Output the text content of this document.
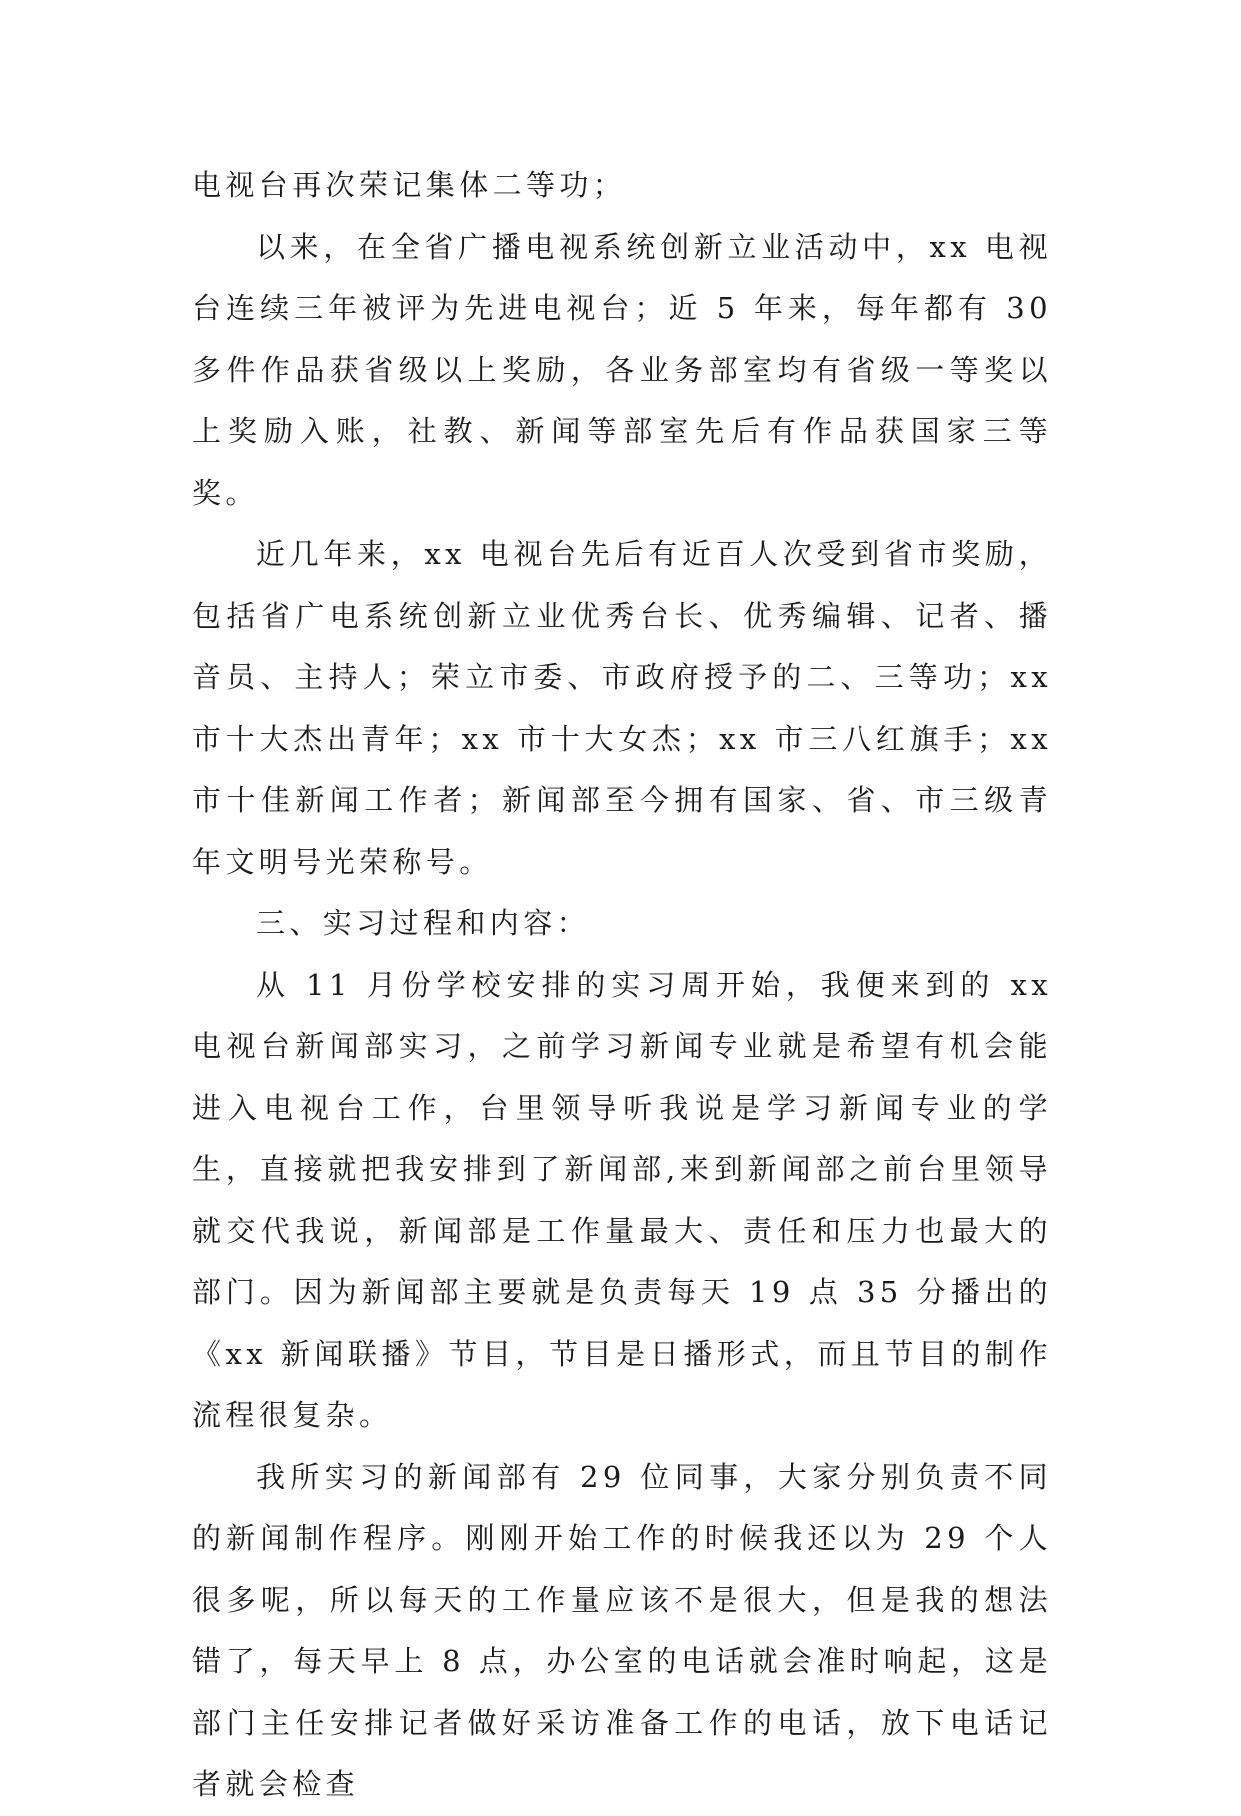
电视台再次荣记集体二等功；

以来，在全省广播电视系统创新立业活动中，xx 电视台连续三年被评为先进电视台；近 5 年来，每年都有 30 多件作品获省级以上奖励，各业务部室均有省级一等奖以上奖励入账，社教、新闻等部室先后有作品获国家三等奖。

近几年来，xx 电视台先后有近百人次受到省市奖励，包括省广电系统创新立业优秀台长、优秀编辑、记者、播音员、主持人；荣立市委、市政府授予的二、三等功；xx 市十大杰出青年；xx 市十大女杰；xx 市三八红旗手；xx 市十佳新闻工作者；新闻部至今拥有国家、省、市三级青年文明号光荣称号。

三、实习过程和内容：

从 11 月份学校安排的实习周开始，我便来到的 xx 电视台新闻部实习，之前学习新闻专业就是希望有机会能进入电视台工作，台里领导听我说是学习新闻专业的学生，直接就把我安排到了新闻部,来到新闻部之前台里领导就交代我说，新闻部是工作量最大、责任和压力也最大的部门。因为新闻部主要就是负责每天 19 点 35 分播出的《xx 新闻联播》节目，节目是日播形式，而且节目的制作流程很复杂。

我所实习的新闻部有 29 位同事，大家分别负责不同的新闻制作程序。刚刚开始工作的时候我还以为 29 个人很多呢，所以每天的工作量应该不是很大，但是我的想法错了，每天早上 8 点，办公室的电话就会准时响起，这是部门主任安排记者做好采访准备工作的电话，放下电话记者就会检查
